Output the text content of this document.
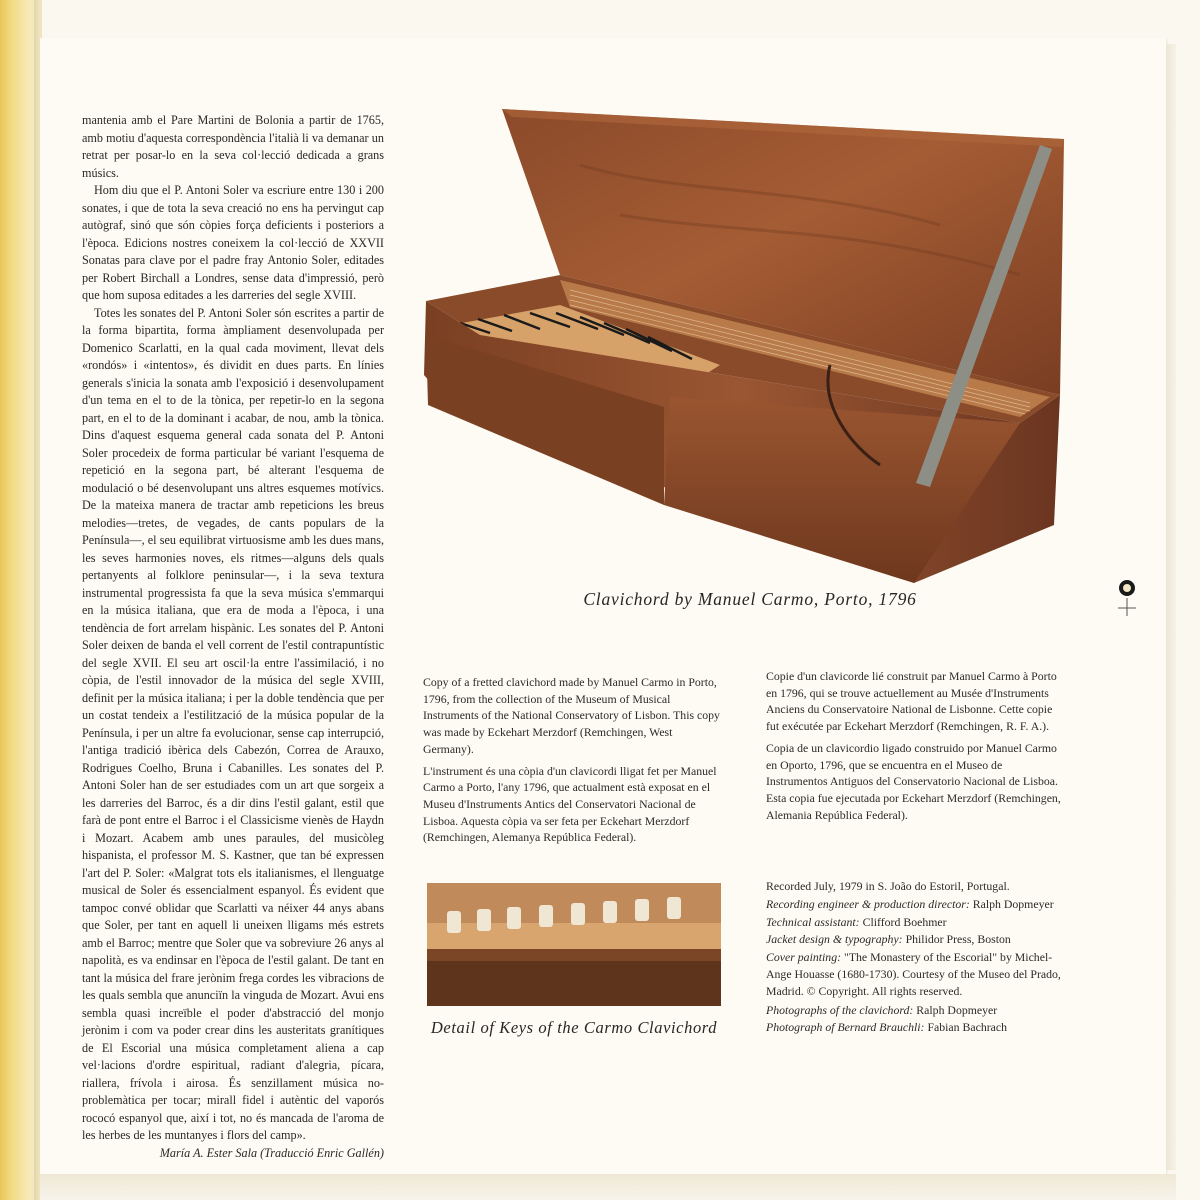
mantenia amb el Pare Martini de Bolonia a partir de 1765, amb motiu d'aquesta correspondència l'italià li va demanar un retrat per posar-lo en la seva col·lecció dedicada a grans músics.

Hom diu que el P. Antoni Soler va escriure entre 130 i 200 sonates, i que de tota la seva creació no ens ha pervingut cap autògraf, sinó que són còpies força deficients i posteriors a l'època. Edicions nostres coneixem la col·lecció de XXVII Sonatas para clave por el padre fray Antonio Soler, editades per Robert Birchall a Londres, sense data d'impressió, però que hom suposa editades a les darreries del segle XVIII.

Totes les sonates del P. Antoni Soler són escrites a partir de la forma bipartita, forma àmpliament desenvolupada per Domenico Scarlatti, en la qual cada moviment, llevat dels «rondós» i «intentos», és dividit en dues parts. En línies generals s'inicia la sonata amb l'exposició i desenvolupament d'un tema en el to de la tònica, per repetir-lo en la segona part, en el to de la dominant i acabar, de nou, amb la tònica. Dins d'aquest esquema general cada sonata del P. Antoni Soler procedeix de forma particular bé variant l'esquema de repetició en la segona part, bé alterant l'esquema de modulació o bé desenvolupant uns altres esquemes motívics. De la mateixa manera de tractar amb repeticions les breus melodies—tretes, de vegades, de cants populars de la Península—, el seu equilibrat virtuosisme amb les dues mans, les seves harmonies noves, els ritmes—alguns dels quals pertanyents al folklore peninsular—, i la seva textura instrumental progressista fa que la seva música s'emmarqui en la música italiana, que era de moda a l'època, i una tendència de fort arrelam hispànic. Les sonates del P. Antoni Soler deixen de banda el vell corrent de l'estil contrapuntístic del segle XVII. El seu art oscil·la entre l'assimilació, i no còpia, de l'estil innovador de la música del segle XVIII, definit per la música italiana; i per la doble tendència que per un costat tendeix a l'estilització de la música popular de la Península, i per un altre fa evolucionar, sense cap interrupció, l'antiga tradició ibèrica dels Cabezón, Correa de Arauxo, Rodrigues Coelho, Bruna i Cabanilles. Les sonates del P. Antoni Soler han de ser estudiades com un art que sorgeix a les darreries del Barroc, és a dir dins l'estil galant, estil que farà de pont entre el Barroc i el Classicisme vienès de Haydn i Mozart. Acabem amb unes paraules, del musicòleg hispanista, el professor M. S. Kastner, que tan bé expressen l'art del P. Soler: «Malgrat tots els italianismes, el llenguatge musical de Soler és essencialment espanyol. És evident que tampoc convé oblidar que Scarlatti va néixer 44 anys abans que Soler, per tant en aquell li uneixen lligams més estrets amb el Barroc; mentre que Soler que va sobreviure 26 anys al napolità, es va endinsar en l'època de l'estil galant. De tant en tant la música del frare jerònim frega cordes les vibracions de les quals sembla que anunciïn la vinguda de Mozart. Avui ens sembla quasi increïble el poder d'abstracció del monjo jerònim i com va poder crear dins les austeritats granítiques de El Escorial una música completament aliena a cap vel·lacions d'ordre espiritual, radiant d'alegria, pícara, riallera, frívola i airosa. És senzillament música no-problemàtica per tocar; mirall fidel i autèntic del vaporós rococó espanyol que, així i tot, no és mancada de l'aroma de les herbes de les muntanyes i flors del camp».

María A. Ester Sala (Traducció Enric Gallén)

Clavichord by Manuel Carmo, Porto, 1796

Copy of a fretted clavichord made by Manuel Carmo in Porto, 1796, from the collection of the Museum of Musical Instruments of the National Conservatory of Lisbon. This copy was made by Eckehart Merzdorf (Remchingen, West Germany).

L'instrument és una còpia d'un clavicordi lligat fet per Manuel Carmo a Porto, l'any 1796, que actualment està exposat en el Museu d'Instruments Antics del Conservatori Nacional de Lisboa. Aquesta còpia va ser feta per Eckehart Merzdorf (Remchingen, Alemanya República Federal).

Copie d'un clavicorde lié construit par Manuel Carmo à Porto en 1796, qui se trouve actuellement au Musée d'Instruments Anciens du Conservatoire National de Lisbonne. Cette copie fut exécutée par Eckehart Merzdorf (Remchingen, R. F. A.).

Copia de un clavicordio ligado construido por Manuel Carmo en Oporto, 1796, que se encuentra en el Museo de Instrumentos Antiguos del Conservatorio Nacional de Lisboa. Esta copia fue ejecutada por Eckehart Merzdorf (Remchingen, Alemania República Federal).

Detail of Keys of the Carmo Clavichord
Recorded July, 1979 in S. João do Estoril, Portugal.
Recording engineer & production director: Ralph Dopmeyer
Technical assistant: Clifford Boehmer
Jacket design & typography: Philidor Press, Boston
Cover painting: "The Monastery of the Escorial" by Michel-Ange Houasse (1680-1730). Courtesy of the Museo del Prado, Madrid. © Copyright. All rights reserved.
Photographs of the clavichord: Ralph Dopmeyer
Photograph of Bernard Brauchli: Fabian Bachrach
